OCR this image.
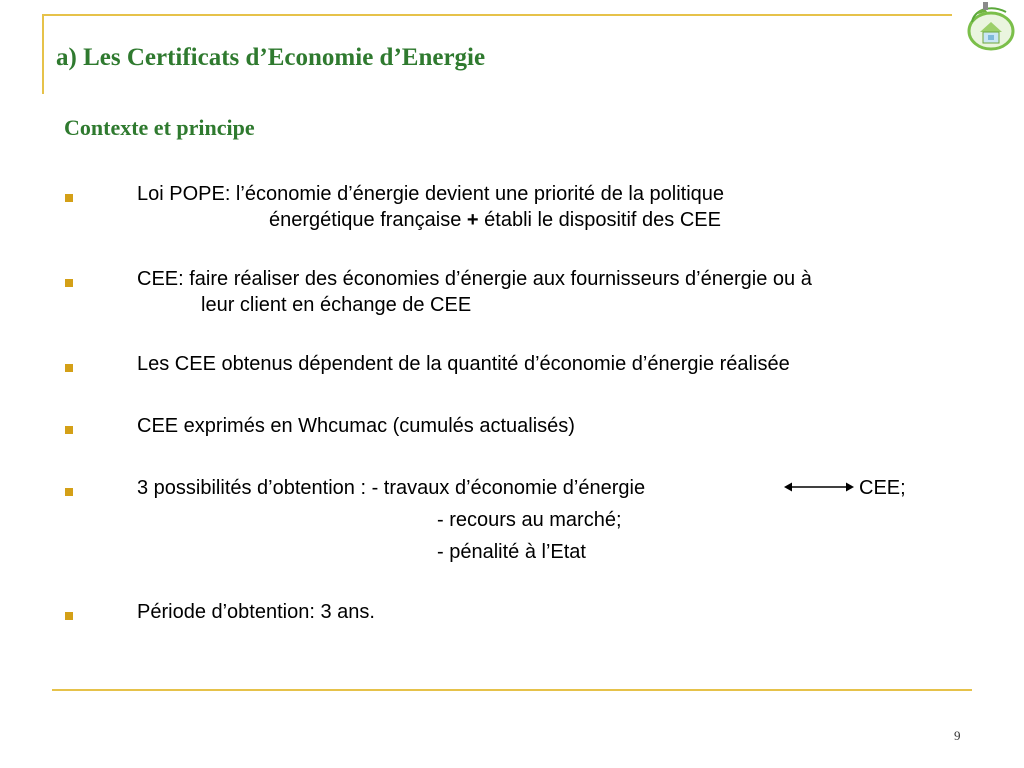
a) Les Certificats d’Economie d’Energie
Contexte et principe
Loi POPE: l’économie d’énergie devient une priorité de la politique
énergétique française + établi le dispositif des CEE
CEE: faire réaliser des économies d’énergie aux fournisseurs d’énergie ou à
leur client en échange de CEE
Les CEE obtenus dépendent de la quantité d’économie d’énergie réalisée
CEE exprimés en Whcumac (cumulés actualisés)
3 possibilités d’obtention : - travaux d’économie d’énergie	CEE;
- recours au marché;
- pénalité à l’Etat
Période d’obtention: 3 ans.
9
